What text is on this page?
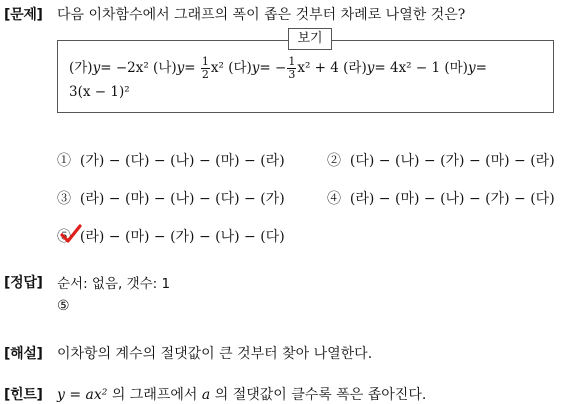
[문제] 다음 이차함수에서 그래프의 폭이 좁은 것부터 차례로 나열한 것은?
보기
(가)y= −2x² (나)$y= \frac{1}{2} x^2$ (다)$y= - \frac{1}{3} x^2 + 4$ (라)y= 4x² − 1 (마)y=
3(x − 1)²
① (가) − (다) − (나) − (마) − (라)	② (다) − (나) − (가) − (마) − (라)
③ (라) − (마) − (나) − (다) − (가)	④ (라) − (마) − (나) − (가) − (다)
⑤ (라) − (마) − (가) − (나) − (다)
[정답] 순서: 없음, 갯수: 1
⑤
[해설] 이차항의 계수의 절댓값이 큰 것부터 찾아 나열한다.
[힌트] y = ax² 의 그래프에서 a 의 절댓값이 클수록 폭은 좁아진다.
